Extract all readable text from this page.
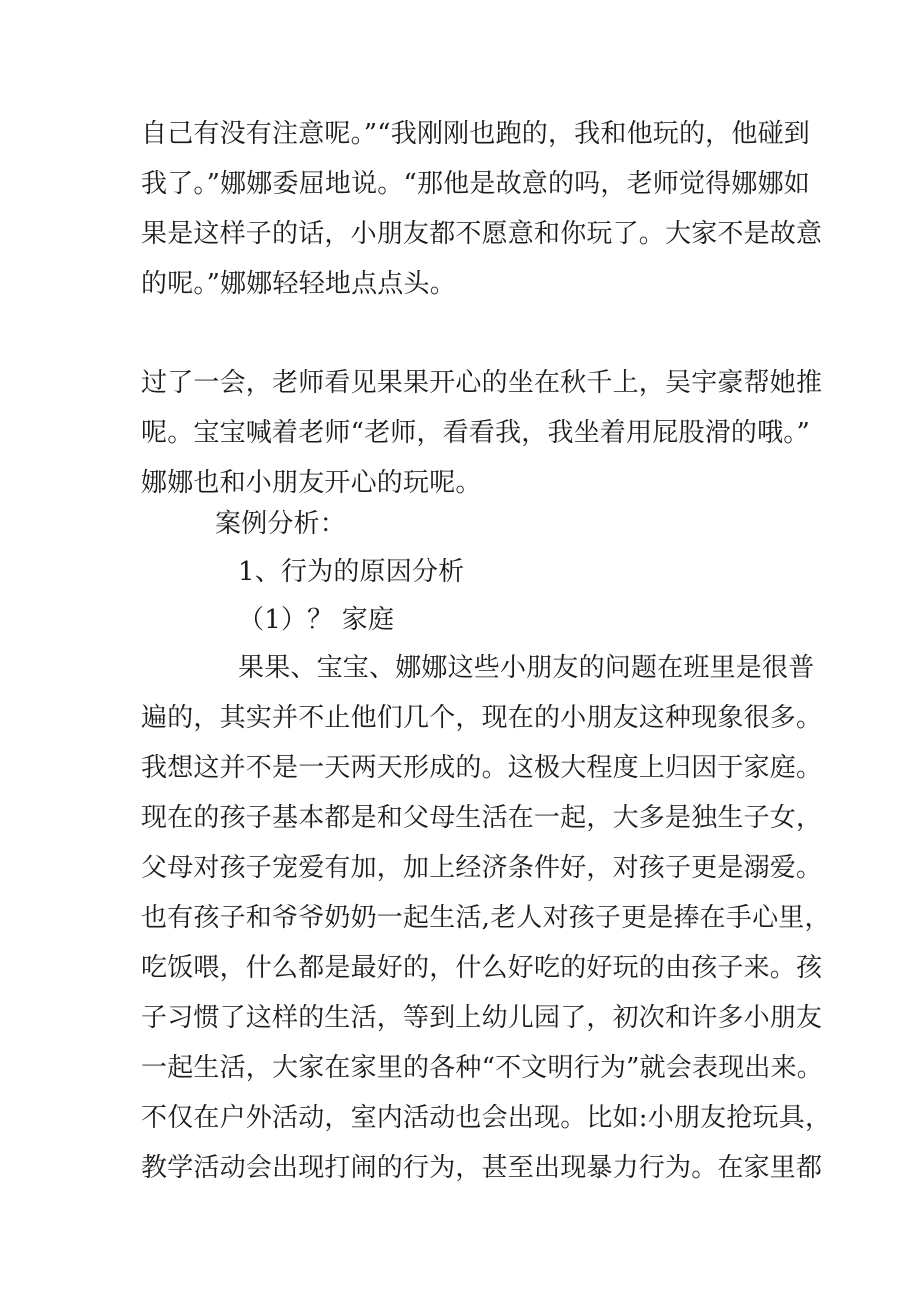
自己有没有注意呢。”“我刚刚也跑的，我和他玩的，他碰到
我了。”娜娜委屈地说。“那他是故意的吗，老师觉得娜娜如
果是这样子的话，小朋友都不愿意和你玩了。大家不是故意
的呢。”娜娜轻轻地点点头。
过了一会，老师看见果果开心的坐在秋千上，吴宇豪帮她推
呢。宝宝喊着老师“老师，看看我，我坐着用屁股滑的哦。”
娜娜也和小朋友开心的玩呢。
案例分析：
1、行为的原因分析
（1）？ 家庭
果果、宝宝、娜娜这些小朋友的问题在班里是很普
遍的，其实并不止他们几个，现在的小朋友这种现象很多。
我想这并不是一天两天形成的。这极大程度上归因于家庭。
现在的孩子基本都是和父母生活在一起，大多是独生子女，
父母对孩子宠爱有加，加上经济条件好，对孩子更是溺爱。
也有孩子和爷爷奶奶一起生活,老人对孩子更是捧在手心里，
吃饭喂，什么都是最好的，什么好吃的好玩的由孩子来。孩
子习惯了这样的生活，等到上幼儿园了，初次和许多小朋友
一起生活，大家在家里的各种“不文明行为”就会表现出来。
不仅在户外活动，室内活动也会出现。比如:小朋友抢玩具，
教学活动会出现打闹的行为，甚至出现暴力行为。在家里都
